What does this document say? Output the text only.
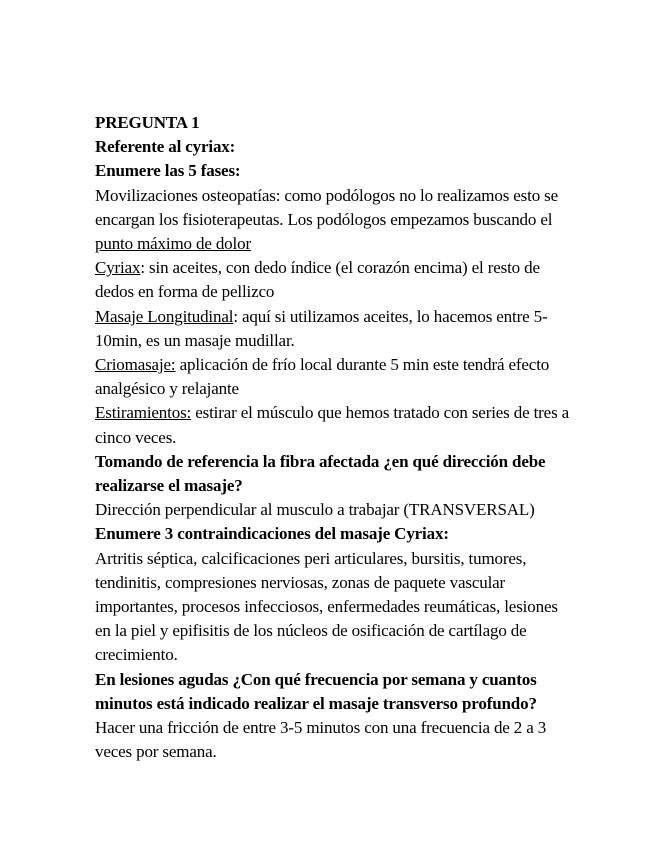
PREGUNTA 1

Referente al cyriax:

Enumere las 5 fases:

Movilizaciones osteopatías: como podólogos no lo realizamos esto se encargan los fisioterapeutas. Los podólogos empezamos buscando el punto máximo de dolor

Cyriax: sin aceites, con dedo índice (el corazón encima) el resto de dedos en forma de pellizco

Masaje Longitudinal: aquí si utilizamos aceites, lo hacemos entre 5-10min, es un masaje mudillar.

Criomasaje: aplicación de frío local durante 5 min este tendrá efecto analgésico y relajante

Estiramientos: estirar el músculo que hemos tratado con series de tres a cinco veces.

Tomando de referencia la fibra afectada ¿en qué dirección debe realizarse el masaje?

Dirección perpendicular al musculo a trabajar (TRANSVERSAL)

Enumere 3 contraindicaciones del masaje Cyriax:

Artritis séptica, calcificaciones peri articulares, bursitis, tumores, tendinitis, compresiones nerviosas, zonas de paquete vascular importantes, procesos infecciosos, enfermedades reumáticas, lesiones en la piel y epifisitis de los núcleos de osificación de cartílago de crecimiento.

En lesiones agudas ¿Con qué frecuencia por semana y cuantos minutos está indicado realizar el masaje transverso profundo?

Hacer una fricción de entre 3-5 minutos con una frecuencia de 2 a 3 veces por semana.
